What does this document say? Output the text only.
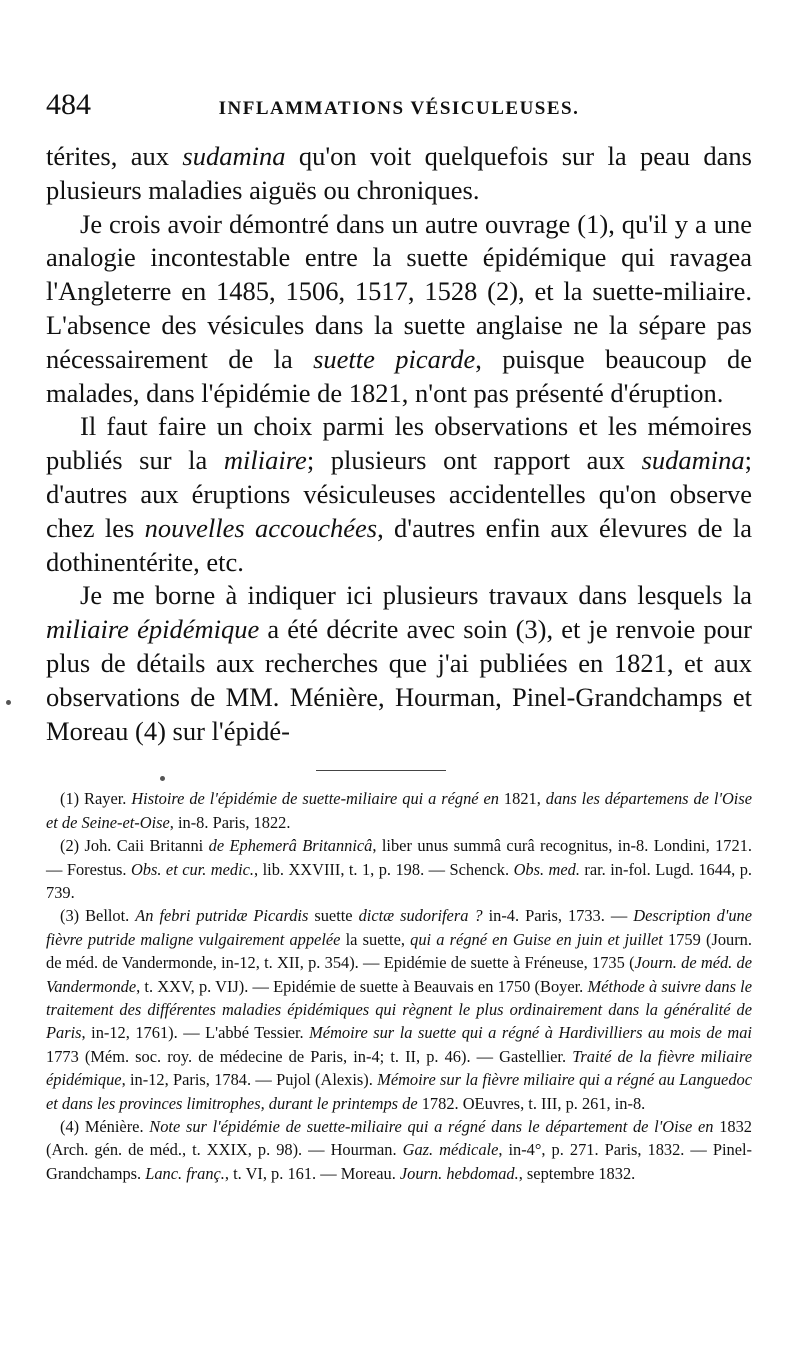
484	INFLAMMATIONS VÉSICULEUSES.

térites, aux sudamina qu'on voit quelquefois sur la peau dans plusieurs maladies aiguës ou chroniques.

Je crois avoir démontré dans un autre ouvrage (1), qu'il y a une analogie incontestable entre la suette épidémique qui ravagea l'Angleterre en 1485, 1506, 1517, 1528 (2), et la suette-miliaire. L'absence des vésicules dans la suette anglaise ne la sépare pas nécessairement de la suette picarde, puisque beaucoup de malades, dans l'épidémie de 1821, n'ont pas présenté d'éruption.

Il faut faire un choix parmi les observations et les mémoires publiés sur la miliaire; plusieurs ont rapport aux sudamina; d'autres aux éruptions vésiculeuses accidentelles qu'on observe chez les nouvelles accouchées, d'autres enfin aux élevures de la dothinentérite, etc.

Je me borne à indiquer ici plusieurs travaux dans lesquels la miliaire épidémique a été décrite avec soin (3), et je renvoie pour plus de détails aux recherches que j'ai publiées en 1821, et aux observations de MM. Ménière, Hourman, Pinel-Grandchamps et Moreau (4) sur l'épidé-

(1) Rayer. Histoire de l'épidémie de suette-miliaire qui a régné en 1821, dans les départemens de l'Oise et de Seine-et-Oise, in-8. Paris, 1822.

(2) Joh. Caii Britanni de Ephemerâ Britannicâ, liber unus summâ curâ recognitus, in-8. Londini, 1721. — Forestus. Obs. et cur. medic., lib. XXVIII, t. 1, p. 198. — Schenck. Obs. med. rar. in-fol. Lugd. 1644, p. 739.

(3) Bellot. An febri putridæ Picardis suette dictæ sudorifera ? in-4. Paris, 1733. — Description d'une fièvre putride maligne vulgairement appelée la suette, qui a régné en Guise en juin et juillet 1759 (Journ. de méd. de Vandermonde, in-12, t. XII, p. 354). — Epidémie de suette à Fréneuse, 1735 (Journ. de méd. de Vandermonde, t. XXV, p. VIJ). — Epidémie de suette à Beauvais en 1750 (Boyer. Méthode à suivre dans le traitement des différentes maladies épidémiques qui règnent le plus ordinairement dans la généralité de Paris, in-12, 1761). — L'abbé Tessier. Mémoire sur la suette qui a régné à Hardivilliers au mois de mai 1773 (Mém. soc. roy. de médecine de Paris, in-4; t. II, p. 46). — Gastellier. Traité de la fièvre miliaire épidémique, in-12, Paris, 1784. — Pujol (Alexis). Mémoire sur la fièvre miliaire qui a régné au Languedoc et dans les provinces limitrophes, durant le printemps de 1782. OEuvres, t. III, p. 261, in-8.

(4) Ménière. Note sur l'épidémie de suette-miliaire qui a régné dans le département de l'Oise en 1832 (Arch. gén. de méd., t. XXIX, p. 98). — Hourman. Gaz. médicale, in-4°, p. 271. Paris, 1832. — Pinel-Grandchamps. Lanc. franç., t. VI, p. 161. — Moreau. Journ. hebdomad., septembre 1832.
